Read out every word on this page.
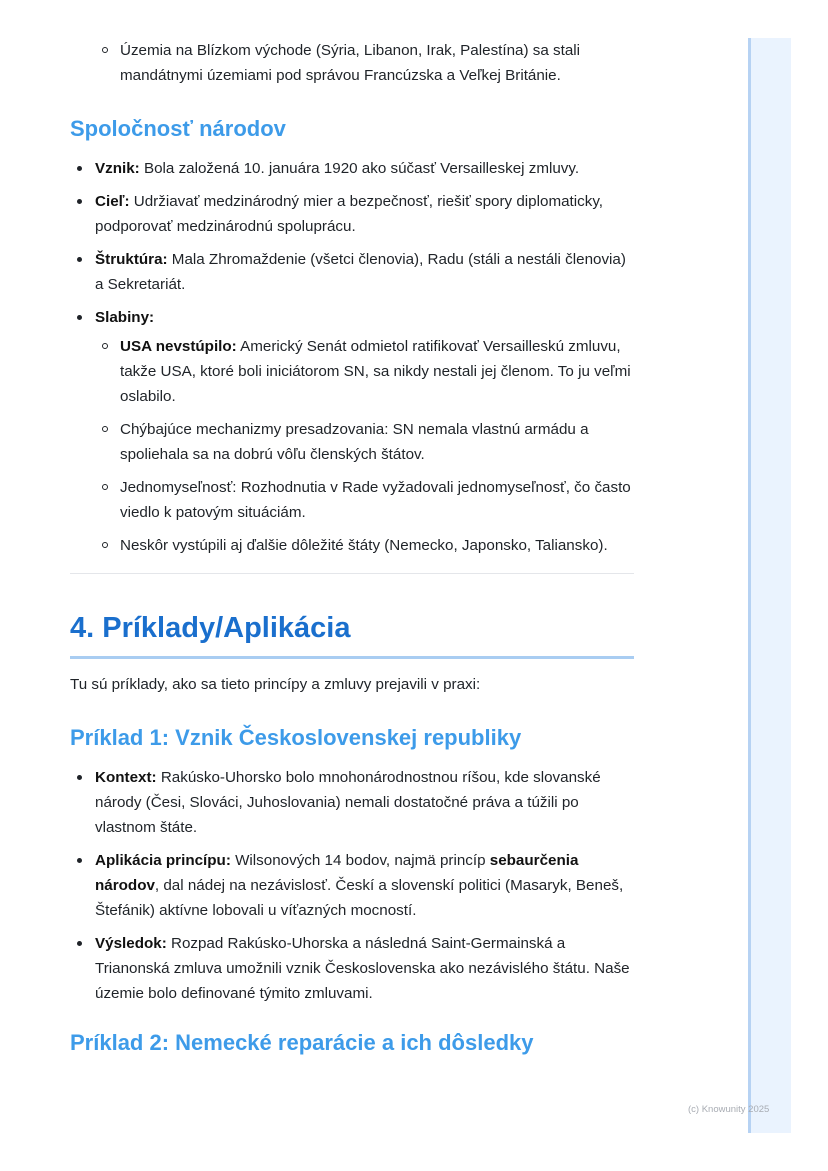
Územia na Blízkom východe (Sýria, Libanon, Irak, Palestína) sa stali mandátnymi územiami pod správou Francúzska a Veľkej Británie.
Spoločnosť národov
Vznik: Bola založená 10. januára 1920 ako súčasť Versailleskej zmluvy.
Cieľ: Udržiavať medzinárodný mier a bezpečnosť, riešiť spory diplomaticky, podporovať medzinárodnú spoluprácu.
Štruktúra: Mala Zhromaždenie (všetci členovia), Radu (stáli a nestáli členovia) a Sekretariát.
Slabiny:
USA nevstúpilo: Americký Senát odmietol ratifikovať Versailleskú zmluvu, takže USA, ktoré boli iniciátorom SN, sa nikdy nestali jej členom. To ju veľmi oslabilo.
Chýbajúce mechanizmy presadzovania: SN nemala vlastnú armádu a spoliehala sa na dobrú vôľu členských štátov.
Jednomyseľnosť: Rozhodnutia v Rade vyžadovali jednomyseľnosť, čo často viedlo k patovým situáciám.
Neskôr vystúpili aj ďalšie dôležité štáty (Nemecko, Japonsko, Taliansko).
4. Príklady/Aplikácia

Tu sú príklady, ako sa tieto princípy a zmluvy prejavili v praxi:

Príklad 1: Vznik Československej republiky
Kontext: Rakúsko-Uhorsko bolo mnohonárodnostnou ríšou, kde slovanské národy (Česi, Slováci, Juhoslovania) nemali dostatočné práva a túžili po vlastnom štáte.
Aplikácia princípu: Wilsonových 14 bodov, najmä princíp sebaurčenia národov, dal nádej na nezávislosť. Českí a slovenskí politici (Masaryk, Beneš, Štefánik) aktívne lobovali u víťazných mocností.
Výsledok: Rozpad Rakúsko-Uhorska a následná Saint-Germainská a Trianonská zmluva umožnili vznik Československa ako nezávislého štátu. Naše územie bolo definované týmito zmluvami.
Príklad 2: Nemecké reparácie a ich dôsledky
(c) Knowunity 2025
